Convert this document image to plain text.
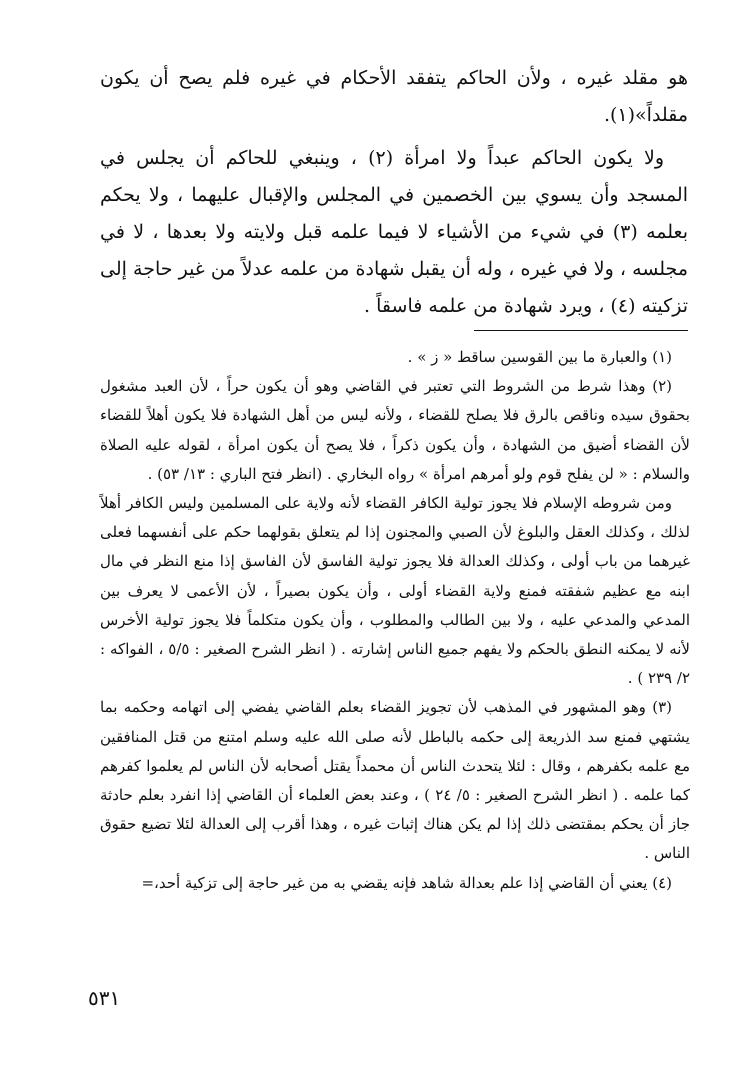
هو مقلد غيره ، ولأن الحاكم يتفقد الأحكام في غيره فلم يصح أن يكون مقلداً»(١).

ولا يكون الحاكم عبداً ولا امرأة (٢) ، وينبغي للحاكم أن يجلس في المسجد وأن يسوي بين الخصمين في المجلس والإقبال عليهما ، ولا يحكم بعلمه (٣) في شيء من الأشياء لا فيما علمه قبل ولايته ولا بعدها ، لا في مجلسه ، ولا في غيره ، وله أن يقبل شهادة من علمه عدلاً من غير حاجة إلى تزكيته (٤) ، ويرد شهادة من علمه فاسقاً .

(١) والعبارة ما بين القوسين ساقط « ز » .

(٢) وهذا شرط من الشروط التي تعتبر في القاضي وهو أن يكون حراً ، لأن العبد مشغول بحقوق سيده وناقص بالرق فلا يصلح للقضاء ، ولأنه ليس من أهل الشهادة فلا يكون أهلاً للقضاء لأن القضاء أضيق من الشهادة ، وأن يكون ذكراً ، فلا يصح أن يكون امرأة ، لقوله عليه الصلاة والسلام : « لن يفلح قوم ولو أمرهم امرأة » رواه البخاري . (انظر فتح الباري : ١٣/ ٥٣) .

ومن شروطه الإسلام فلا يجوز تولية الكافر القضاء لأنه ولاية على المسلمين وليس الكافر أهلاً لذلك ، وكذلك العقل والبلوغ لأن الصبي والمجنون إذا لم يتعلق بقولهما حكم على أنفسهما فعلى غيرهما من باب أولى ، وكذلك العدالة فلا يجوز تولية الفاسق لأن الفاسق إذا منع النظر في مال ابنه مع عظيم شفقته فمنع ولاية القضاء أولى ، وأن يكون بصيراً ، لأن الأعمى لا يعرف بين المدعي والمدعي عليه ، ولا بين الطالب والمطلوب ، وأن يكون متكلماً فلا يجوز تولية الأخرس لأنه لا يمكنه النطق بالحكم ولا يفهم جميع الناس إشارته . ( انظر الشرح الصغير : ٥/٥ ، الفواكه : ٢/ ٢٣٩ ) .

(٣) وهو المشهور في المذهب لأن تجويز القضاء بعلم القاضي يفضي إلى اتهامه وحكمه بما يشتهي فمنع سد الذريعة إلى حكمه بالباطل لأنه صلى الله عليه وسلم امتنع من قتل المنافقين مع علمه بكفرهم ، وقال : لئلا يتحدث الناس أن محمداً يقتل أصحابه لأن الناس لم يعلموا كفرهم كما علمه . ( انظر الشرح الصغير : ٥/ ٢٤ ) ، وعند بعض العلماء أن القاضي إذا انفرد بعلم حادثة جاز أن يحكم بمقتضى ذلك إذا لم يكن هناك إثبات غيره ، وهذا أقرب إلى العدالة لئلا تضيع حقوق الناس .

(٤) يعني أن القاضي إذا علم بعدالة شاهد فإنه يقضي به من غير حاجة إلى تزكية أحد،=

٥٣١
